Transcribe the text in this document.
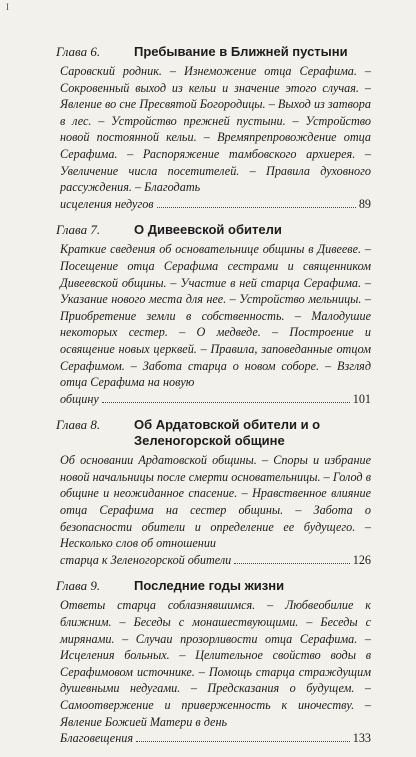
I
Глава 6.	Пребывание в Ближней пустыни
Саровский родник. – Изнеможение отца Серафима. – Сокровенный выход из кельи и значение этого случая. – Явление во сне Пресвятой Богородицы. – Выход из затвора в лес. – Устройство прежней пустыни. – Устройство новой постоянной кельи. – Времяпрепровождение отца Серафима. – Распоряжение тамбовского архиерея. – Увеличение числа посетителей. – Правила духовного рассуждения. – Благодать
исцеления недугов	89
Глава 7.	О Дивеевской обители
Краткие сведения об основательнице общины в Дивееве. – Посещение отца Серафима сестрами и священником Дивеевской общины. – Участие в ней старца Серафима. – Указание нового места для нее. – Устройство мельницы. – Приобретение земли в собственность. – Малодушие некоторых сестер. – О медведе. – Построение и освящение новых церквей. – Правила, заповеданные отцом Серафимом. – Забота старца о новом соборе. – Взгляд отца Серафима на новую
общину	101
Глава 8.	Об Ардатовской обители и о Зеленогорской общине
Об основании Ардатовской общины. – Споры и избрание новой начальницы после смерти основательницы. – Голод в общине и неожиданное спасение. – Нравственное влияние отца Серафима на сестер общины. – Забота о безопасности обители и определение ее будущего. – Несколько слов об отношении
старца к Зеленогорской обители	126
Глава 9.	Последние годы жизни
Ответы старца соблазнявшимся. – Любвеобилие к ближним. – Беседы с монашествующими. – Беседы с мирянами. – Случаи прозорливости отца Серафима. – Исцеления больных. – Целительное свойство воды в Серафимовом источнике. – Помощь старца страждущим душевными недугами. – Предсказания о будущем. – Самоотвержение и приверженность к иночеству. – Явление Божией Матери в день
Благовещения	133
